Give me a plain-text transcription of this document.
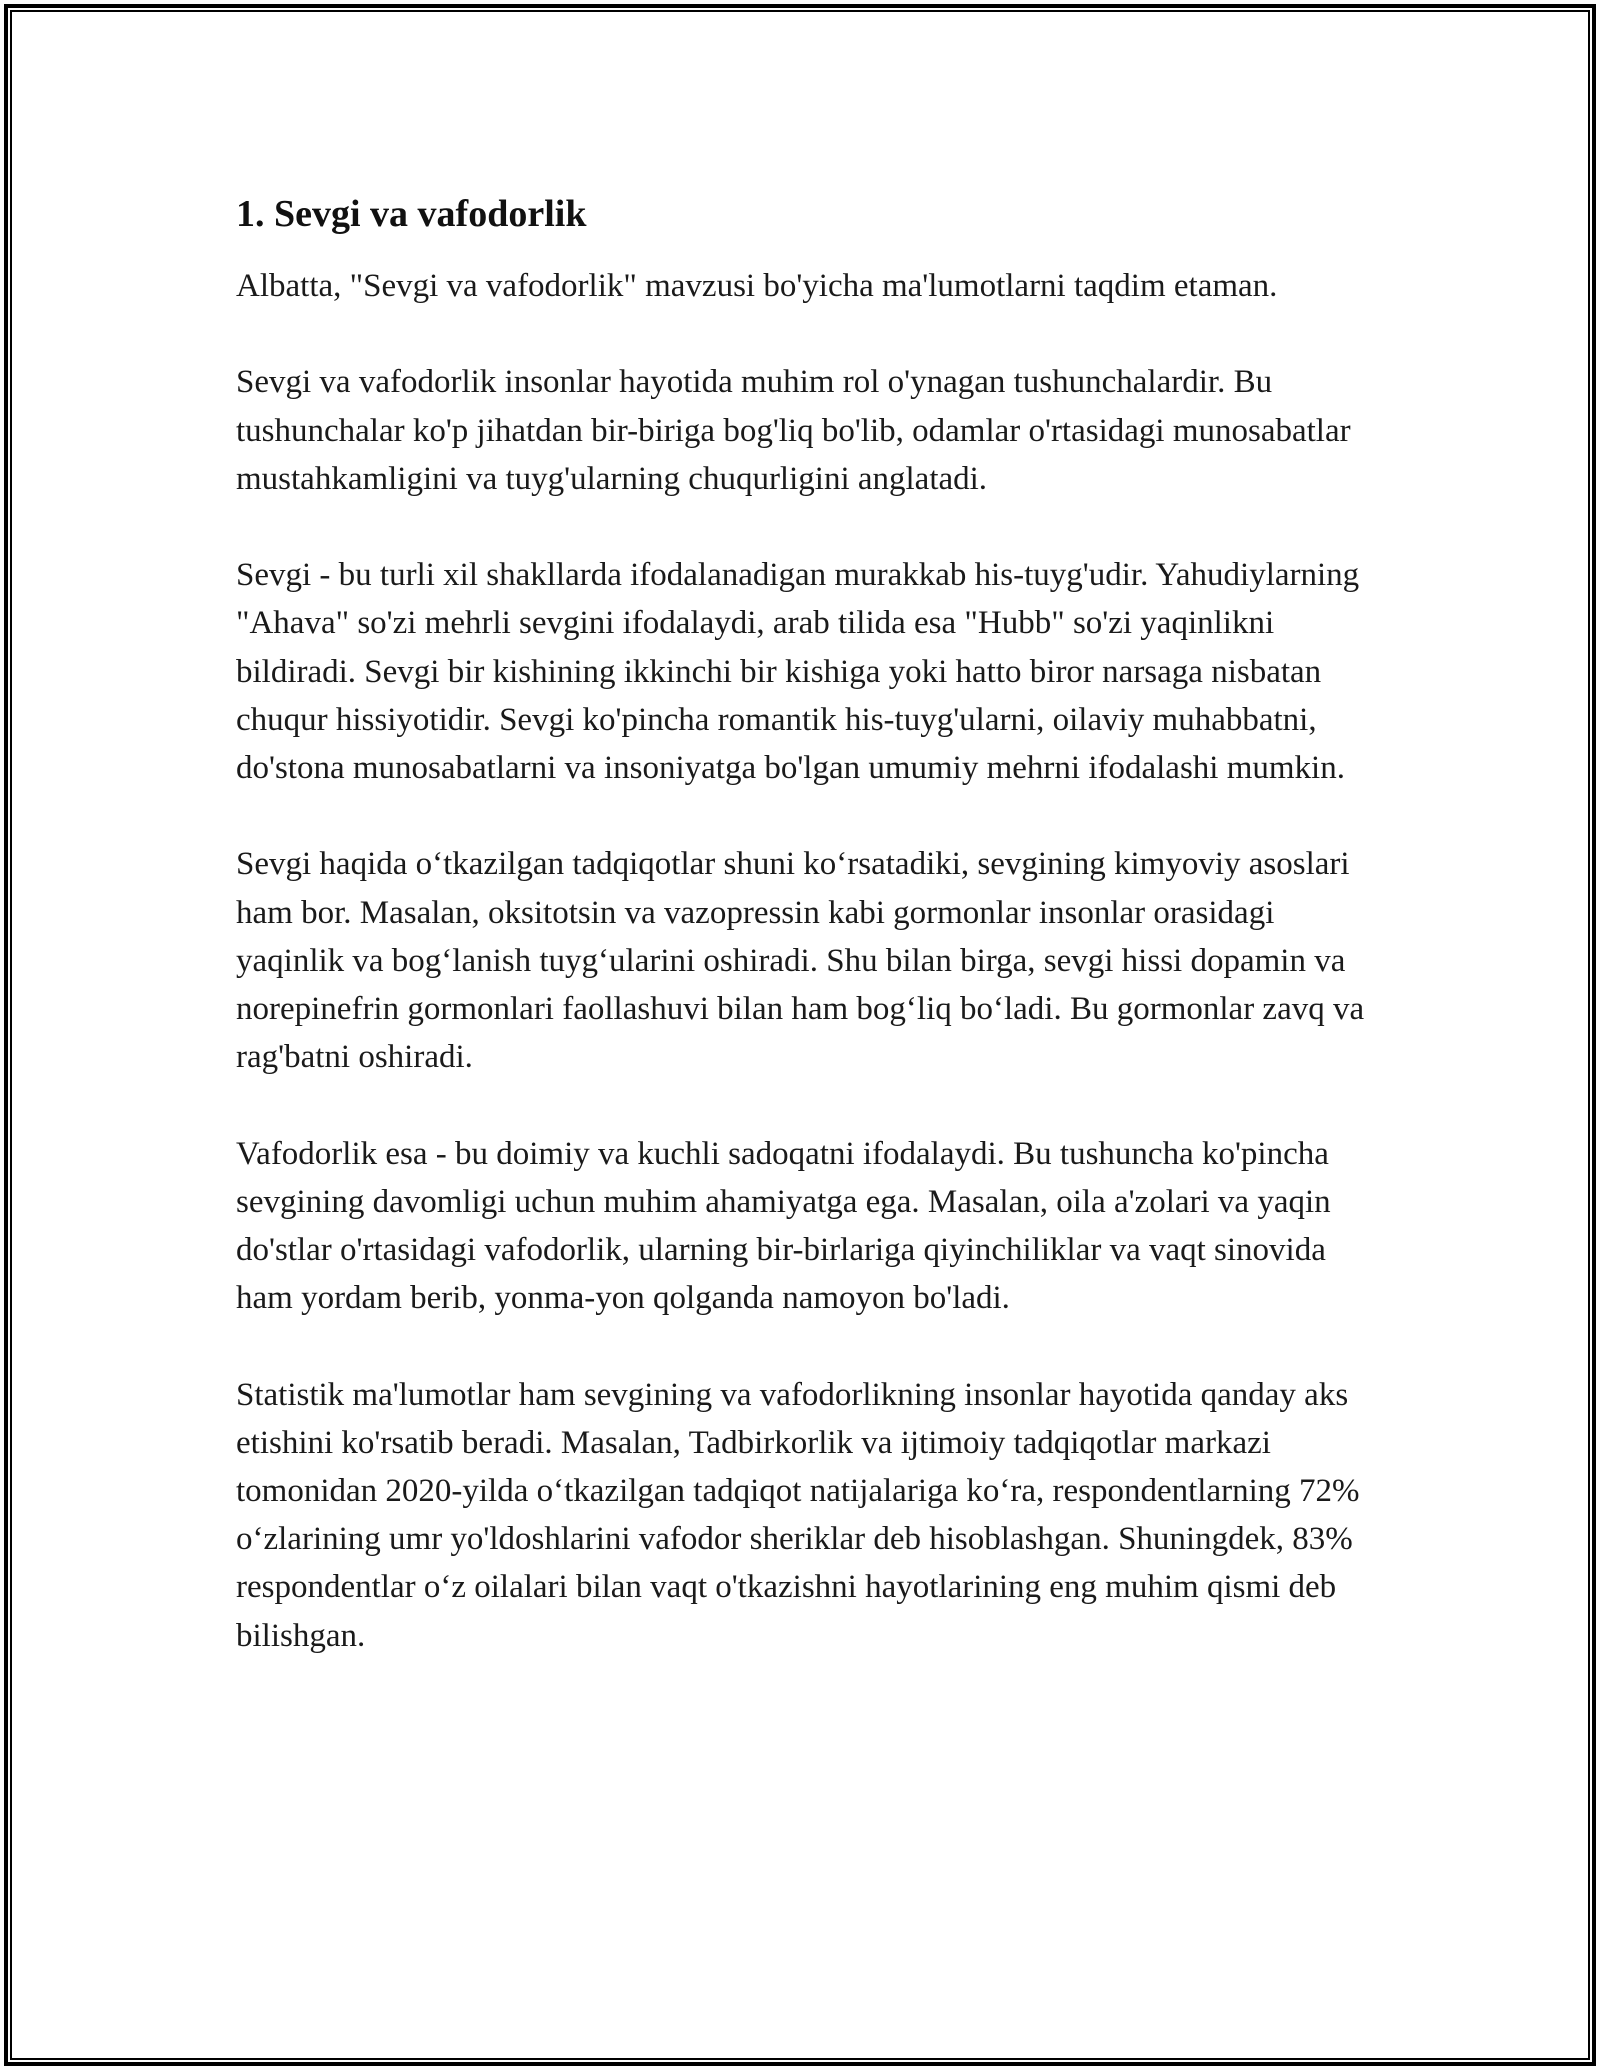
1. Sevgi va vafodorlik

Albatta, "Sevgi va vafodorlik" mavzusi bo'yicha ma'lumotlarni taqdim etaman.

Sevgi va vafodorlik insonlar hayotida muhim rol o'ynagan tushunchalardir. Bu tushunchalar ko'p jihatdan bir-biriga bog'liq bo'lib, odamlar o'rtasidagi munosabatlar mustahkamligini va tuyg'ularning chuqurligini anglatadi.

Sevgi - bu turli xil shakllarda ifodalanadigan murakkab his-tuyg'udir. Yahudiylarning "Ahava" so'zi mehrli sevgini ifodalaydi, arab tilida esa "Hubb" so'zi yaqinlikni bildiradi. Sevgi bir kishining ikkinchi bir kishiga yoki hatto biror narsaga nisbatan chuqur hissiyotidir. Sevgi ko'pincha romantik his-tuyg'ularni, oilaviy muhabbatni, do'stona munosabatlarni va insoniyatga bo'lgan umumiy mehrni ifodalashi mumkin.

Sevgi haqida o‘tkazilgan tadqiqotlar shuni ko‘rsatadiki, sevgining kimyoviy asoslari ham bor. Masalan, oksitotsin va vazopressin kabi gormonlar insonlar orasidagi yaqinlik va bog‘lanish tuyg‘ularini oshiradi. Shu bilan birga, sevgi hissi dopamin va norepinefrin gormonlari faollashuvi bilan ham bog‘liq bo‘ladi. Bu gormonlar zavq va rag'batni oshiradi.

Vafodorlik esa - bu doimiy va kuchli sadoqatni ifodalaydi. Bu tushuncha ko'pincha sevgining davomligi uchun muhim ahamiyatga ega. Masalan, oila a'zolari va yaqin do'stlar o'rtasidagi vafodorlik, ularning bir-birlariga qiyinchiliklar va vaqt sinovida ham yordam berib, yonma-yon qolganda namoyon bo'ladi.

Statistik ma'lumotlar ham sevgining va vafodorlikning insonlar hayotida qanday aks etishini ko'rsatib beradi. Masalan, Tadbirkorlik va ijtimoiy tadqiqotlar markazi tomonidan 2020-yilda o‘tkazilgan tadqiqot natijalariga ko‘ra, respondentlarning 72% o‘zlarining umr yo'ldoshlarini vafodor sheriklar deb hisoblashgan. Shuningdek, 83% respondentlar o‘z oilalari bilan vaqt o'tkazishni hayotlarining eng muhim qismi deb bilishgan.
